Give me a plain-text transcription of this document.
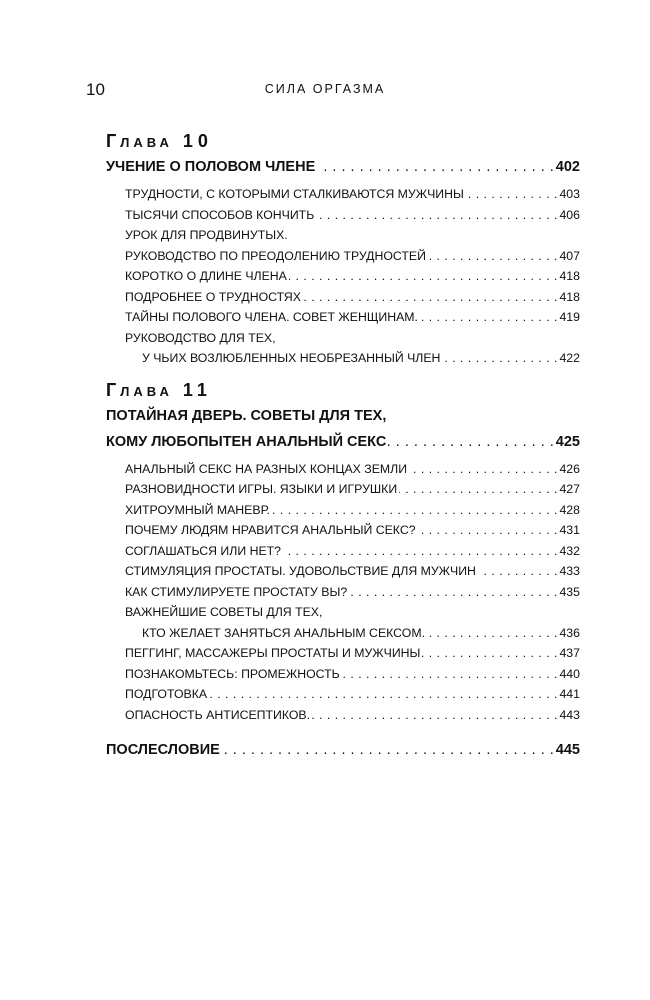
10	СИЛА ОРГАЗМА
Глава 10
УЧЕНИЕ О ПОЛОВОМ ЧЛЕНЕ . . .	402
ТРУДНОСТИ, С КОТОРЫМИ СТАЛКИВАЮТСЯ МУЖЧИНЫ . . .	403
ТЫСЯЧИ СПОСОБОВ КОНЧИТЬ . . .	406
УРОК ДЛЯ ПРОДВИНУТЫХ.
РУКОВОДСТВО ПО ПРЕОДОЛЕНИЮ ТРУДНОСТЕЙ . . .	407
КОРОТКО О ДЛИНЕ ЧЛЕНА . . .	418
ПОДРОБНЕЕ О ТРУДНОСТЯХ . . .	418
ТАЙНЫ ПОЛОВОГО ЧЛЕНА. СОВЕТ ЖЕНЩИНАМ. . . .	419
РУКОВОДСТВО ДЛЯ ТЕХ,
У ЧЬИХ ВОЗЛЮБЛЕННЫХ НЕОБРЕЗАННЫЙ ЧЛЕН . . .	422
Глава 11
ПОТАЙНАЯ ДВЕРЬ. СОВЕТЫ ДЛЯ ТЕХ,
КОМУ ЛЮБОПЫТЕН АНАЛЬНЫЙ СЕКС . . .	425
АНАЛЬНЫЙ СЕКС НА РАЗНЫХ КОНЦАХ ЗЕМЛИ . . .	426
РАЗНОВИДНОСТИ ИГРЫ. ЯЗЫКИ И ИГРУШКИ . . .	427
ХИТРОУМНЫЙ МАНЕВР. . . .	428
ПОЧЕМУ ЛЮДЯМ НРАВИТСЯ АНАЛЬНЫЙ СЕКС? . . .	431
СОГЛАШАТЬСЯ ИЛИ НЕТ? . . .	432
СТИМУЛЯЦИЯ ПРОСТАТЫ. УДОВОЛЬСТВИЕ ДЛЯ МУЖЧИН . . .	433
КАК СТИМУЛИРУЕТЕ ПРОСТАТУ ВЫ? . . .	435
ВАЖНЕЙШИЕ СОВЕТЫ ДЛЯ ТЕХ,
КТО ЖЕЛАЕТ ЗАНЯТЬСЯ АНАЛЬНЫМ СЕКСОМ. . . .	436
ПЕГГИНГ, МАССАЖЕРЫ ПРОСТАТЫ И МУЖЧИНЫ . . .	437
ПОЗНАКОМЬТЕСЬ: ПРОМЕЖНОСТЬ . . .	440
ПОДГОТОВКА . . .	441
ОПАСНОСТЬ АНТИСЕПТИКОВ. . . .	443
ПОСЛЕСЛОВИЕ . . .	445
